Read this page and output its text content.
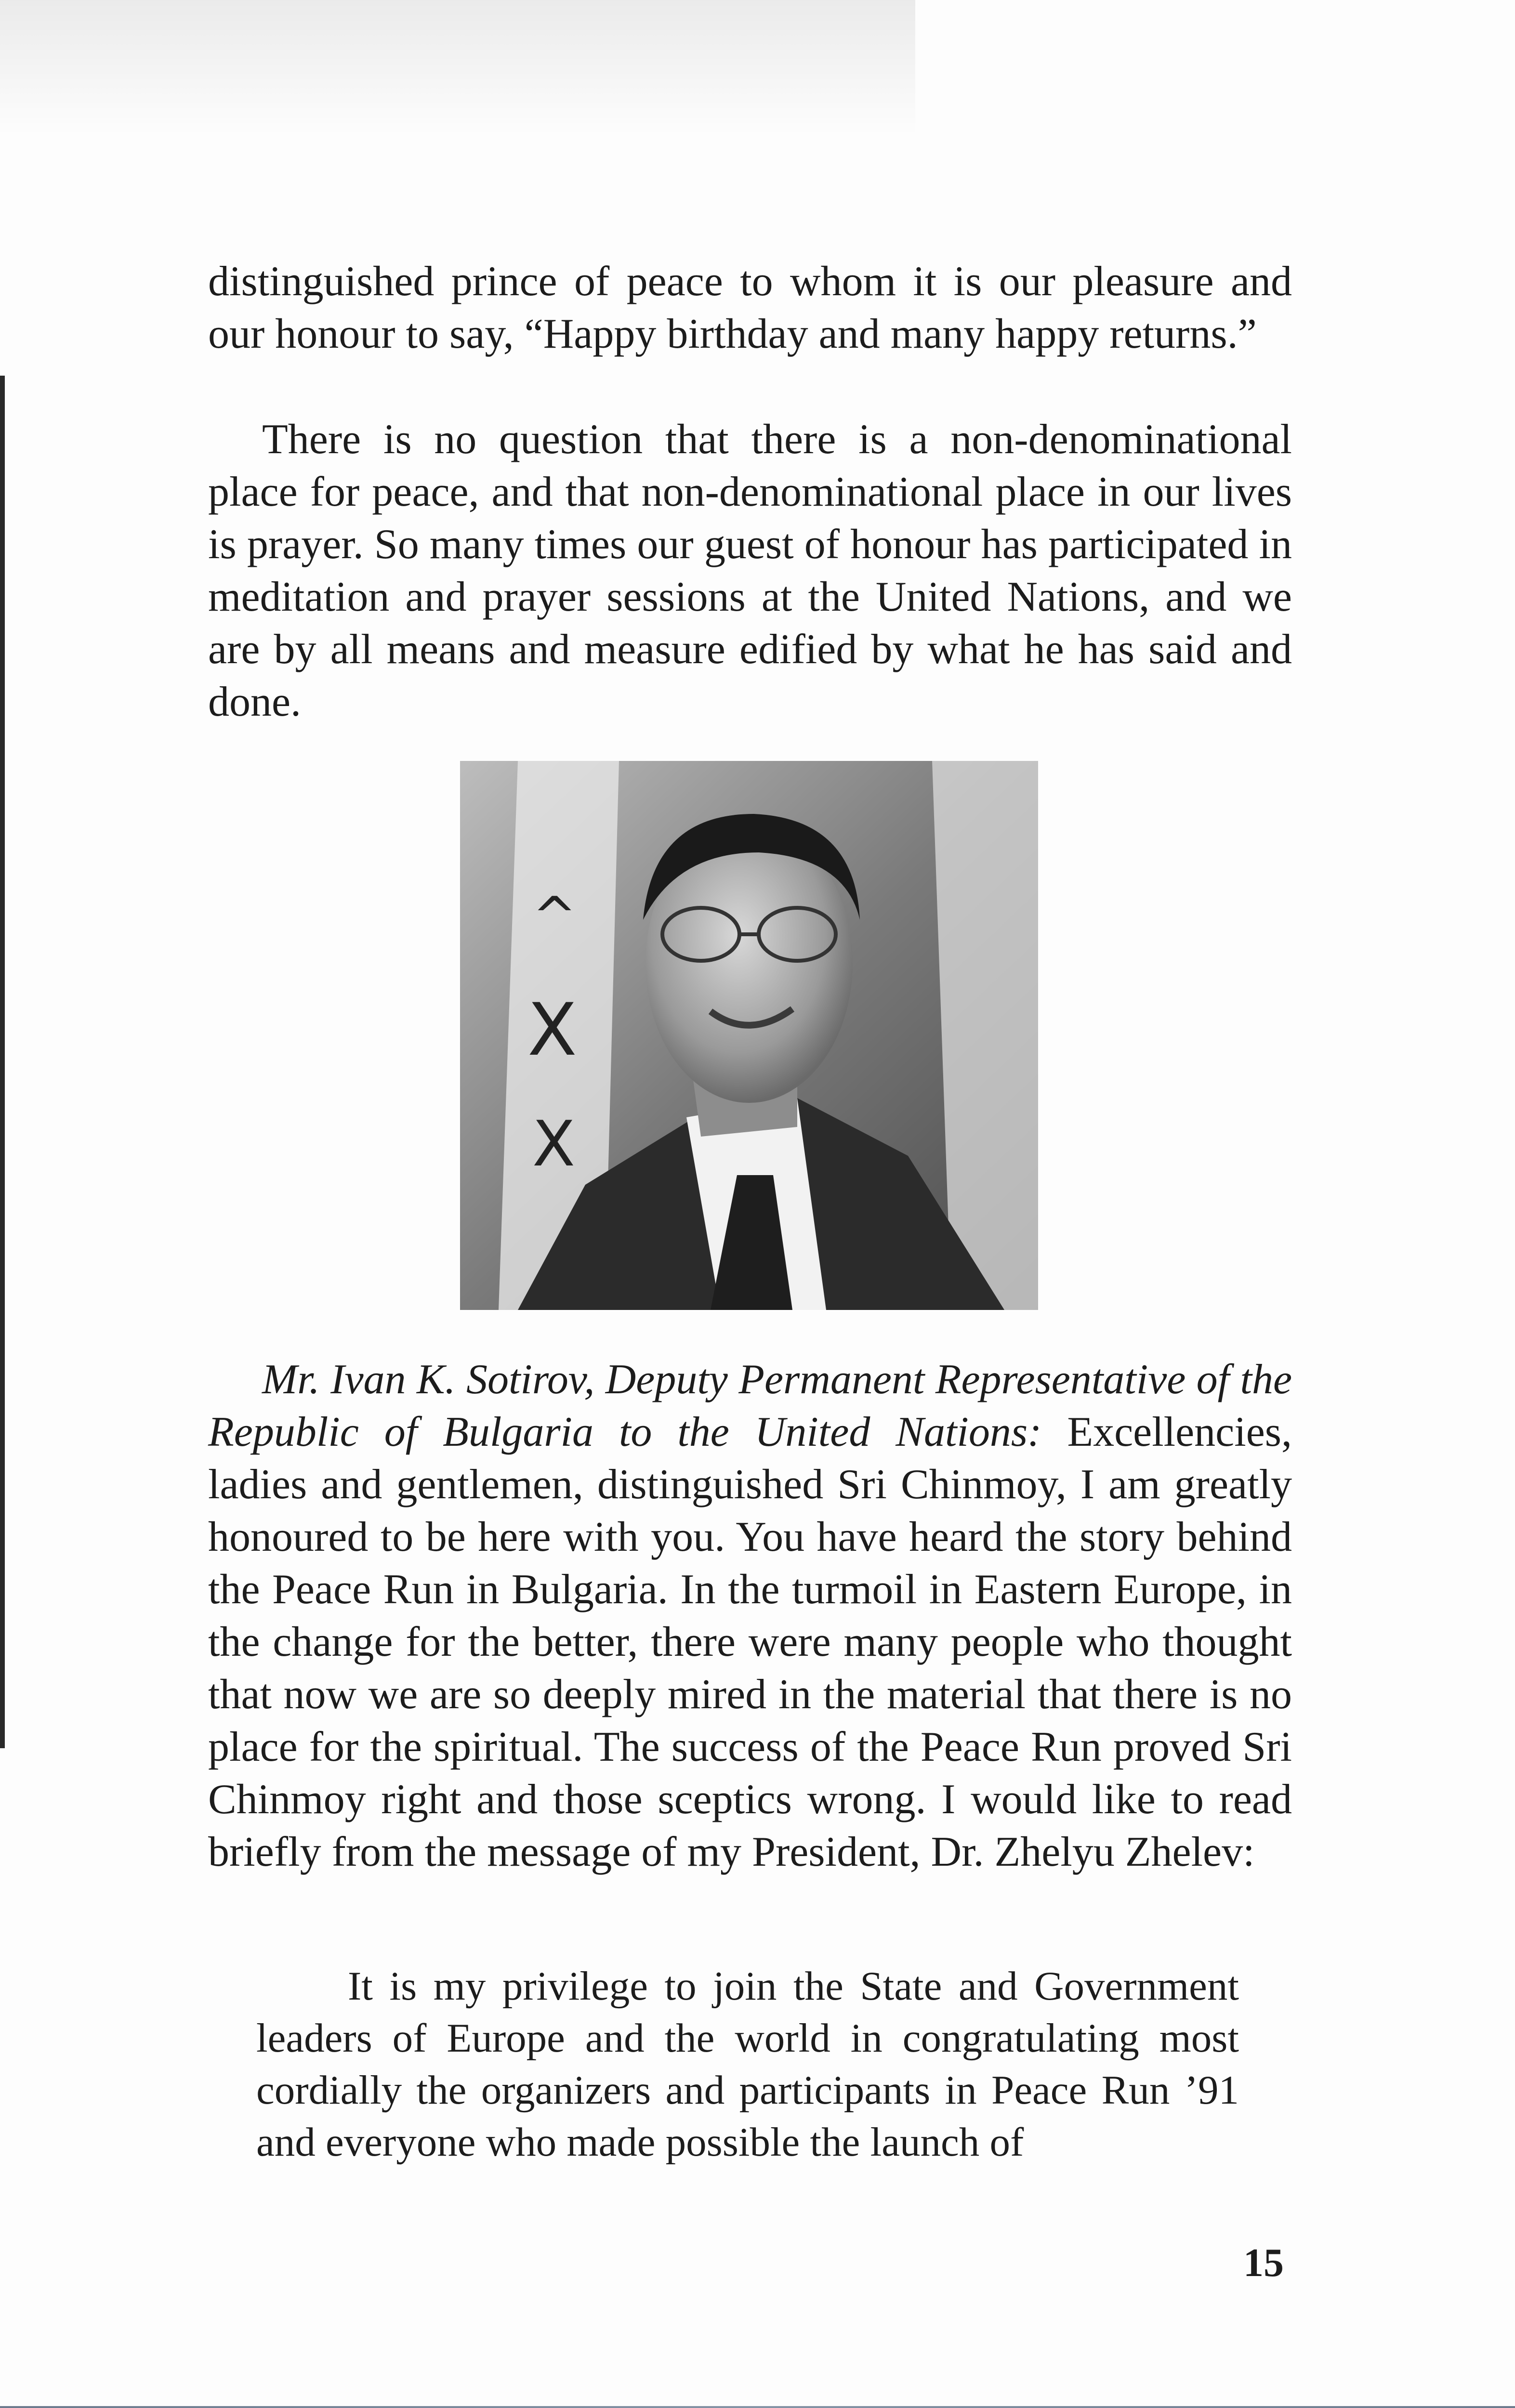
distinguished prince of peace to whom it is our pleasure and our honour to say, “Happy birthday and many happy returns.”

There is no question that there is a non-denominational place for peace, and that non-denominational place in our lives is prayer. So many times our guest of honour has participated in meditation and prayer sessions at the United Nations, and we are by all means and measure edified by what he has said and done.

^
X
X

Mr. Ivan K. Sotirov, Deputy Permanent Representative of the Republic of Bulgaria to the United Nations: Excellencies, ladies and gentlemen, distinguished Sri Chinmoy, I am greatly honoured to be here with you. You have heard the story behind the Peace Run in Bulgaria. In the turmoil in Eastern Europe, in the change for the better, there were many people who thought that now we are so deeply mired in the material that there is no place for the spiritual. The success of the Peace Run proved Sri Chinmoy right and those sceptics wrong. I would like to read briefly from the message of my President, Dr. Zhelyu Zhelev:

It is my privilege to join the State and Government leaders of Europe and the world in congratulating most cordially the organizers and participants in Peace Run ’91 and everyone who made possible the launch of

15
